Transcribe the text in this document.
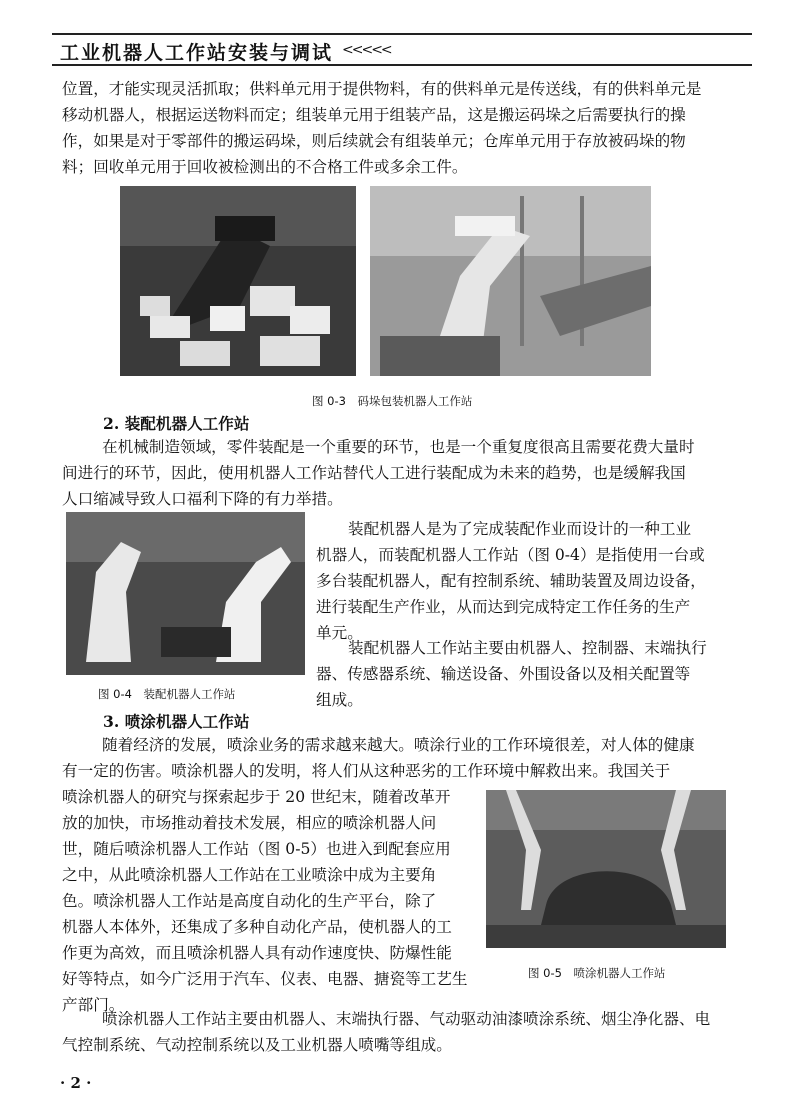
工业机器人工作站安装与调试 <<<<<
位置，才能实现灵活抓取；供料单元用于提供物料，有的供料单元是传送线，有的供料单元是
移动机器人，根据运送物料而定；组装单元用于组装产品，这是搬运码垛之后需要执行的操
作，如果是对于零部件的搬运码垛，则后续就会有组装单元；仓库单元用于存放被码垛的物
料；回收单元用于回收被检测出的不合格工件或多余工件。
图 0-3　码垛包装机器人工作站
2. 装配机器人工作站
在机械制造领域，零件装配是一个重要的环节，也是一个重复度很高且需要花费大量时
间进行的环节，因此，使用机器人工作站替代人工进行装配成为未来的趋势，也是缓解我国
人口缩减导致人口福利下降的有力举措。
图 0-4　装配机器人工作站
装配机器人是为了完成装配作业而设计的一种工业
机器人，而装配机器人工作站（图 0-4）是指使用一台或
多台装配机器人，配有控制系统、辅助装置及周边设备，
进行装配生产作业，从而达到完成特定工作任务的生产
单元。
装配机器人工作站主要由机器人、控制器、末端执行
器、传感器系统、输送设备、外围设备以及相关配置等
组成。
3. 喷涂机器人工作站
随着经济的发展，喷涂业务的需求越来越大。喷涂行业的工作环境很差，对人体的健康
有一定的伤害。喷涂机器人的发明，将人们从这种恶劣的工作环境中解救出来。我国关于
喷涂机器人的研究与探索起步于 20 世纪末，随着改革开
放的加快，市场推动着技术发展，相应的喷涂机器人问
世，随后喷涂机器人工作站（图 0-5）也进入到配套应用
之中，从此喷涂机器人工作站在工业喷涂中成为主要角
色。喷涂机器人工作站是高度自动化的生产平台，除了
机器人本体外，还集成了多种自动化产品，使机器人的工
作更为高效，而且喷涂机器人具有动作速度快、防爆性能
好等特点，如今广泛用于汽车、仪表、电器、搪瓷等工艺生
产部门。
图 0-5　喷涂机器人工作站
喷涂机器人工作站主要由机器人、末端执行器、气动驱动油漆喷涂系统、烟尘净化器、电
气控制系统、气动控制系统以及工业机器人喷嘴等组成。
· 2 ·
